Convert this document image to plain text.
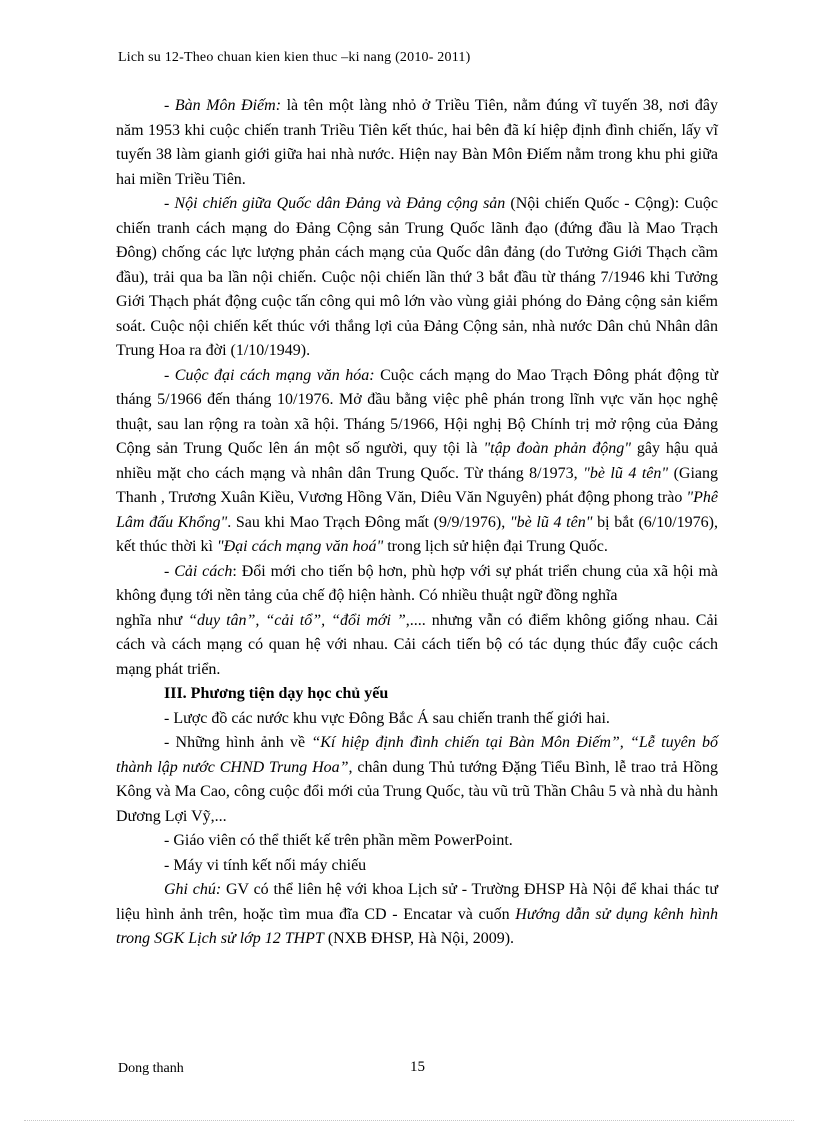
Lich su 12-Theo chuan kien kien thuc –ki nang (2010- 2011)

- Bàn Môn Điếm: là tên một làng nhỏ ở Triều Tiên, nằm đúng vĩ tuyến 38, nơi đây năm 1953 khi cuộc chiến tranh Triều Tiên kết thúc, hai bên đã kí hiệp định đình chiến, lấy vĩ tuyến 38 làm gianh giới giữa hai nhà nước. Hiện nay Bàn Môn Điếm nằm trong khu phi giữa hai miền Triều Tiên.

- Nội chiến giữa Quốc dân Đảng và Đảng cộng sản (Nội chiến Quốc - Cộng): Cuộc chiến tranh cách mạng do Đảng Cộng sản Trung Quốc lãnh đạo (đứng đầu là Mao Trạch Đông) chống các lực lượng phản cách mạng của Quốc dân đảng (do Tưởng Giới Thạch cầm đầu), trải qua ba lần nội chiến. Cuộc nội chiến lần thứ 3 bắt đầu từ tháng 7/1946 khi Tưởng Giới Thạch phát động cuộc tấn công qui mô lớn vào vùng giải phóng do Đảng cộng sản kiểm soát. Cuộc nội chiến kết thúc với thắng lợi của Đảng Cộng sản, nhà nước Dân chủ Nhân dân Trung Hoa ra đời (1/10/1949).

- Cuộc đại cách mạng văn hóa: Cuộc cách mạng do Mao Trạch Đông phát động từ tháng 5/1966 đến tháng 10/1976. Mở đầu bằng việc phê phán trong lĩnh vực văn học nghệ thuật, sau lan rộng ra toàn xã hội. Tháng 5/1966, Hội nghị Bộ Chính trị mở rộng của Đảng Cộng sản Trung Quốc lên án một số người, quy tội là "tập đoàn phản động" gây hậu quả nhiều mặt cho cách mạng và nhân dân Trung Quốc. Từ tháng 8/1973, "bè lũ 4 tên" (Giang Thanh , Trương Xuân Kiều, Vương Hồng Văn, Diêu Văn Nguyên) phát động phong trào "Phê Lâm đấu Khổng". Sau khi Mao Trạch Đông mất (9/9/1976), "bè lũ 4 tên" bị bắt (6/10/1976), kết thúc thời kì "Đại cách mạng văn hoá" trong lịch sử hiện đại Trung Quốc.

- Cải cách: Đổi mới cho tiến bộ hơn, phù hợp với sự phát triển chung của xã hội mà không đụng tới nền tảng của chế độ hiện hành. Có nhiều thuật ngữ đồng nghĩa

nghĩa như “duy tân”, “cải tổ”, “đổi mới ”,.... nhưng vẫn có điểm không giống nhau. Cải cách và cách mạng có quan hệ với nhau. Cải cách tiến bộ có tác dụng thúc đẩy cuộc cách mạng phát triển.

III. Phương tiện dạy học chủ yếu

- Lược đồ các nước khu vực Đông Bắc Á sau chiến tranh thế giới hai.

- Những hình ảnh về “Kí hiệp định đình chiến tại Bàn Môn Điếm”, “Lễ tuyên bố thành lập nước CHND Trung Hoa”, chân dung Thủ tướng Đặng Tiểu Bình, lễ trao trả Hồng Kông và Ma Cao, công cuộc đổi mới của Trung Quốc, tàu vũ trũ Thần Châu 5 và nhà du hành Dương Lợi Vỹ,...

- Giáo viên có thể thiết kế trên phần mềm PowerPoint.

- Máy vi tính kết nối máy chiếu

Ghi chú: GV có thể liên hệ với khoa Lịch sử - Trường ĐHSP Hà Nội để khai thác tư liệu hình ảnh trên, hoặc tìm mua đĩa CD - Encatar và cuốn Hướng dẫn sử dụng kênh hình trong SGK Lịch sử lớp 12 THPT (NXB ĐHSP, Hà Nội, 2009).

Dong thanh	15
